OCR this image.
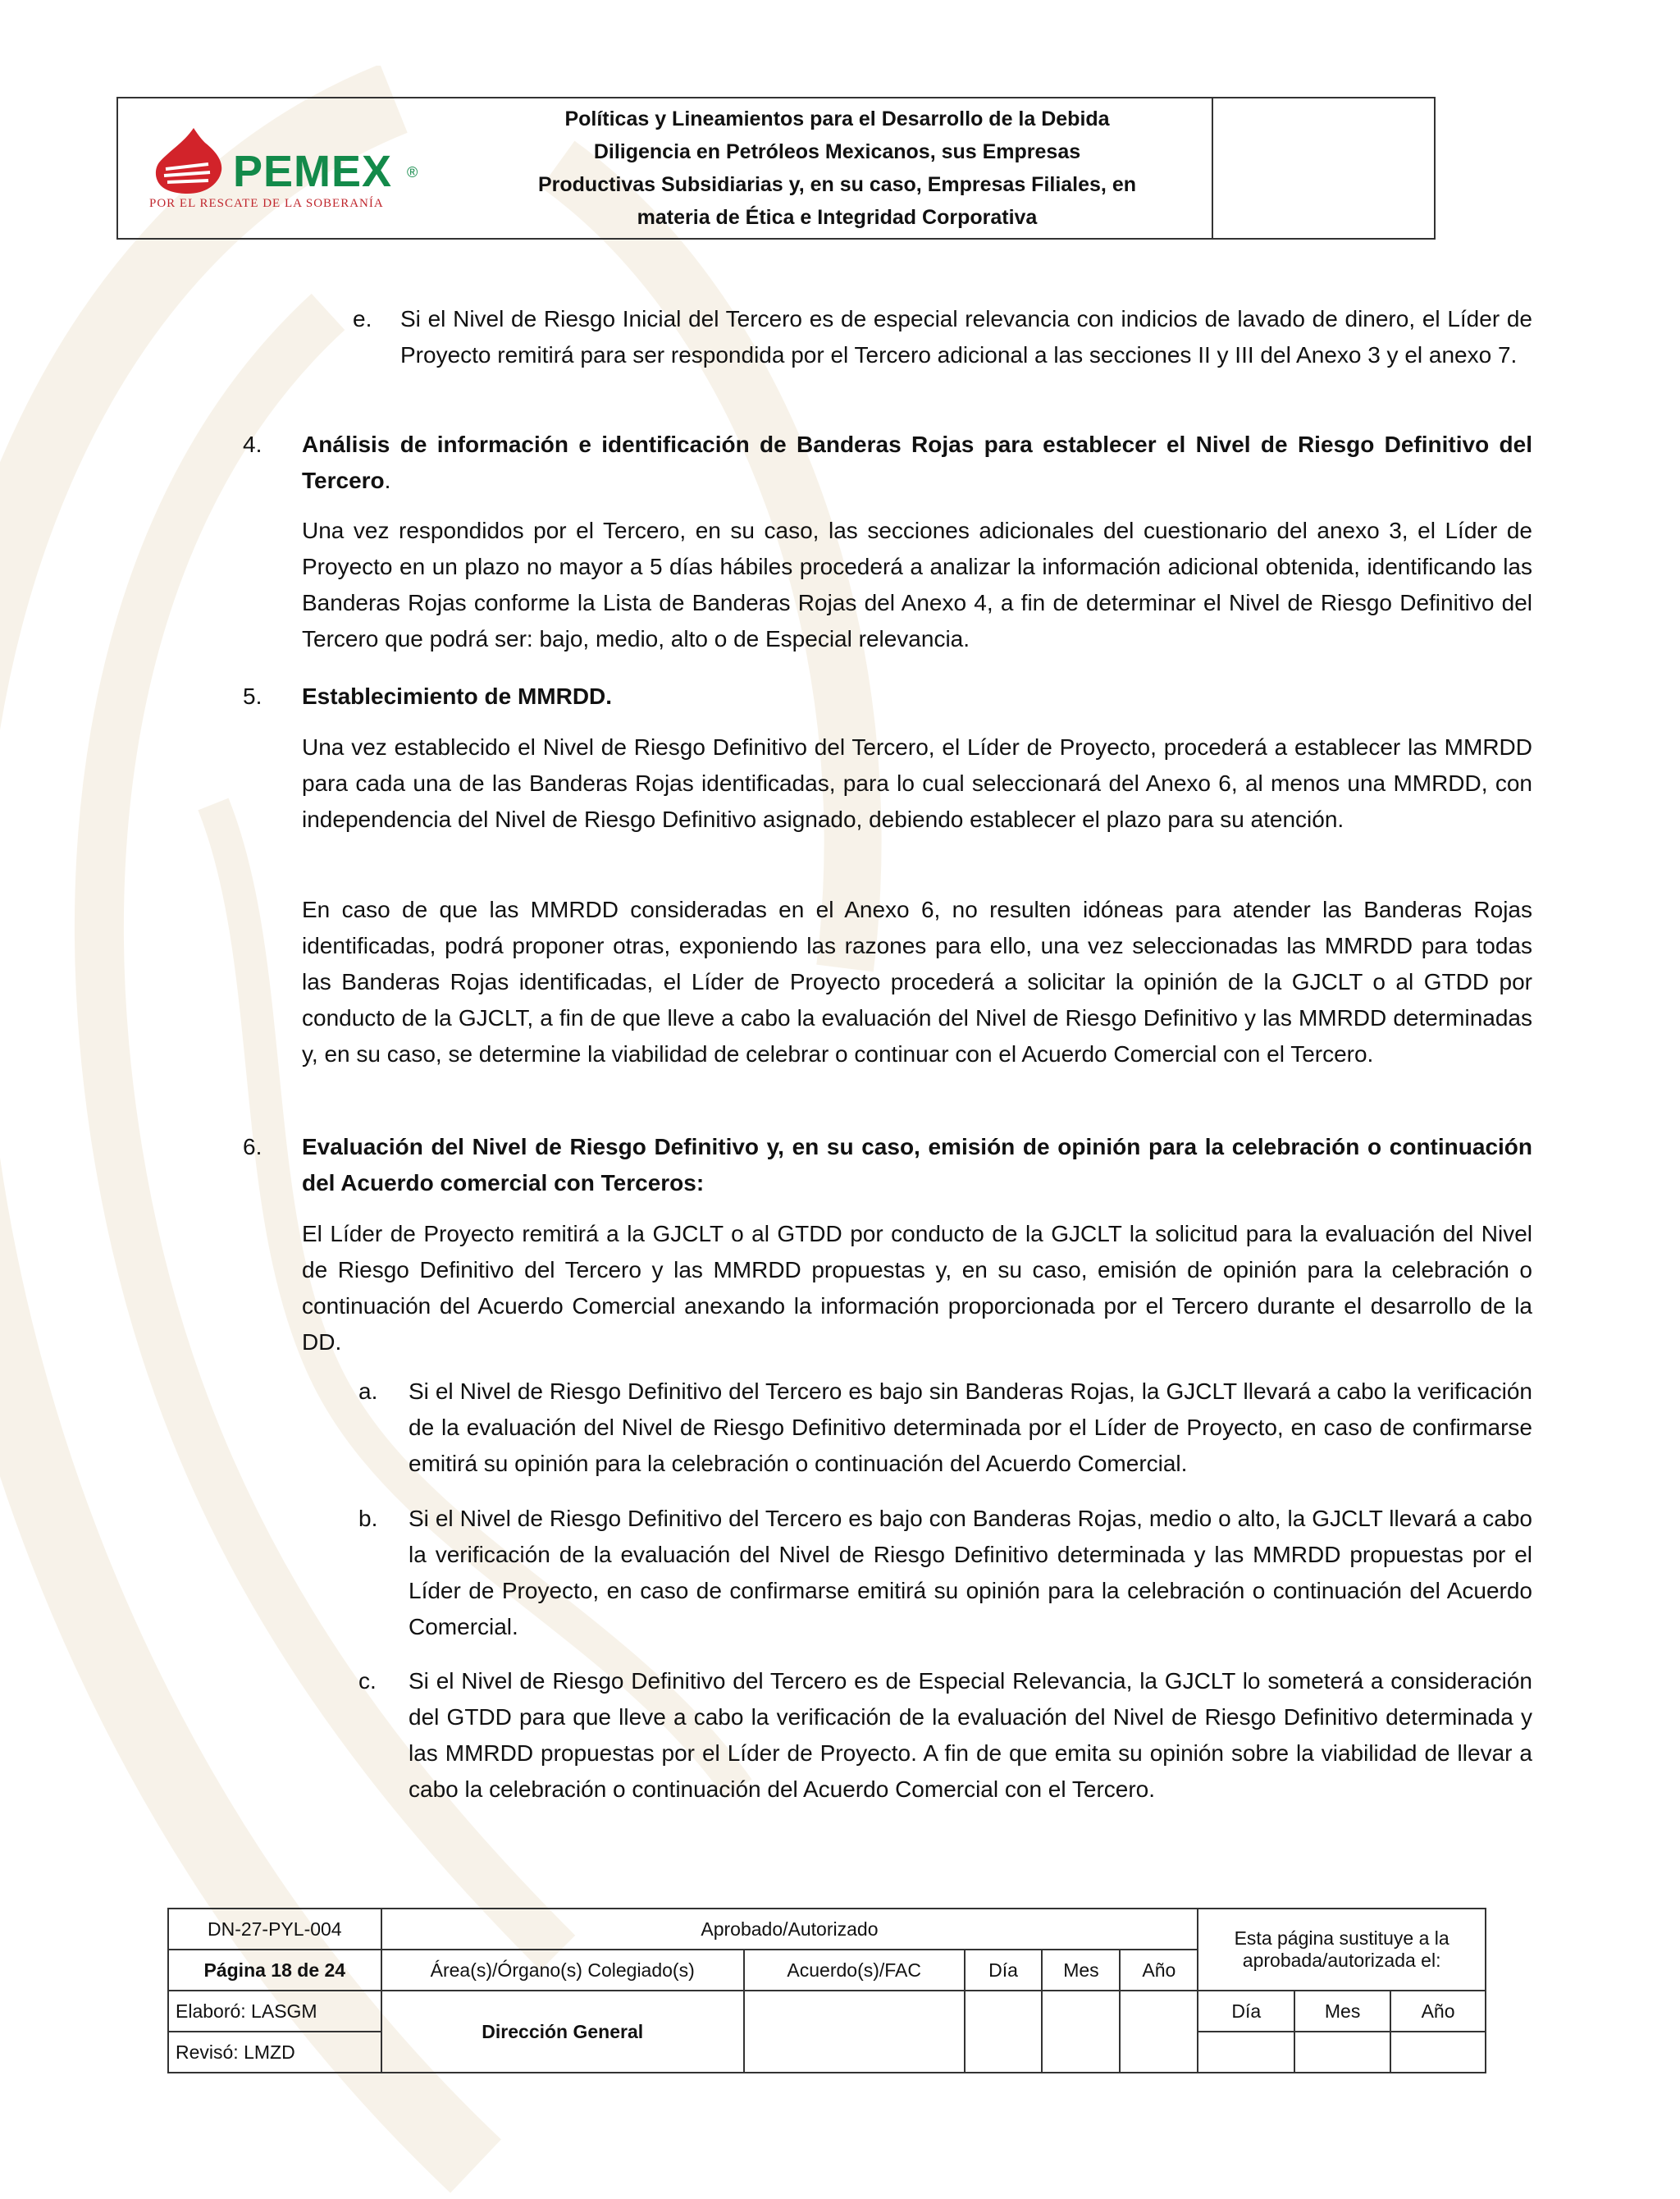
PEMEX ®
POR EL RESCATE DE LA SOBERANÍA
Políticas y Lineamientos para el Desarrollo de la Debida
Diligencia en Petróleos Mexicanos, sus Empresas
Productivas Subsidiarias y, en su caso, Empresas Filiales, en
materia de Ética e Integridad Corporativa
e. Si el Nivel de Riesgo Inicial del Tercero es de especial relevancia con indicios de lavado de dinero, el Líder de Proyecto remitirá para ser respondida por el Tercero adicional a las secciones II y III del Anexo 3 y el anexo 7.
4. Análisis de información e identificación de Banderas Rojas para establecer el Nivel de Riesgo Definitivo del Tercero.
Una vez respondidos por el Tercero, en su caso, las secciones adicionales del cuestionario del anexo 3, el Líder de Proyecto en un plazo no mayor a 5 días hábiles procederá a analizar la información adicional obtenida, identificando las Banderas Rojas conforme la Lista de Banderas Rojas del Anexo 4, a fin de determinar el Nivel de Riesgo Definitivo del Tercero que podrá ser: bajo, medio, alto o de Especial relevancia.
5. Establecimiento de MMRDD.
Una vez establecido el Nivel de Riesgo Definitivo del Tercero, el Líder de Proyecto, procederá a establecer las MMRDD para cada una de las Banderas Rojas identificadas, para lo cual seleccionará del Anexo 6, al menos una MMRDD, con independencia del Nivel de Riesgo Definitivo asignado, debiendo establecer el plazo para su atención.
En caso de que las MMRDD consideradas en el Anexo 6, no resulten idóneas para atender las Banderas Rojas identificadas, podrá proponer otras, exponiendo las razones para ello, una vez seleccionadas las MMRDD para todas las Banderas Rojas identificadas, el Líder de Proyecto procederá a solicitar la opinión de la GJCLT o al GTDD por conducto de la GJCLT, a fin de que lleve a cabo la evaluación del Nivel de Riesgo Definitivo y las MMRDD determinadas y, en su caso, se determine la viabilidad de celebrar o continuar con el Acuerdo Comercial con el Tercero.
6. Evaluación del Nivel de Riesgo Definitivo y, en su caso, emisión de opinión para la celebración o continuación del Acuerdo comercial con Terceros:
El Líder de Proyecto remitirá a la GJCLT o al GTDD por conducto de la GJCLT la solicitud para la evaluación del Nivel de Riesgo Definitivo del Tercero y las MMRDD propuestas y, en su caso, emisión de opinión para la celebración o continuación del Acuerdo Comercial anexando la información proporcionada por el Tercero durante el desarrollo de la DD.
a. Si el Nivel de Riesgo Definitivo del Tercero es bajo sin Banderas Rojas, la GJCLT llevará a cabo la verificación de la evaluación del Nivel de Riesgo Definitivo determinada por el Líder de Proyecto, en caso de confirmarse emitirá su opinión para la celebración o continuación del Acuerdo Comercial.
b. Si el Nivel de Riesgo Definitivo del Tercero es bajo con Banderas Rojas, medio o alto, la GJCLT llevará a cabo la verificación de la evaluación del Nivel de Riesgo Definitivo determinada y las MMRDD propuestas por el Líder de Proyecto, en caso de confirmarse emitirá su opinión para la celebración o continuación del Acuerdo Comercial.
c. Si el Nivel de Riesgo Definitivo del Tercero es de Especial Relevancia, la GJCLT lo someterá a consideración del GTDD para que lleve a cabo la verificación de la evaluación del Nivel de Riesgo Definitivo determinada y las MMRDD propuestas por el Líder de Proyecto. A fin de que emita su opinión sobre la viabilidad de llevar a cabo la celebración o continuación del Acuerdo Comercial con el Tercero.
DN-27-PYL-004	Aprobado/Autorizado					Esta página sustituye a la aprobada/autorizada el:		
Página 18 de 24	Área(s)/Órgano(s) Colegiado(s)	Acuerdo(s)/FAC	Día	Mes	Año			
Elaboró: LASGM	Dirección General					Día	Mes	Año
Revisó: LMZD								
